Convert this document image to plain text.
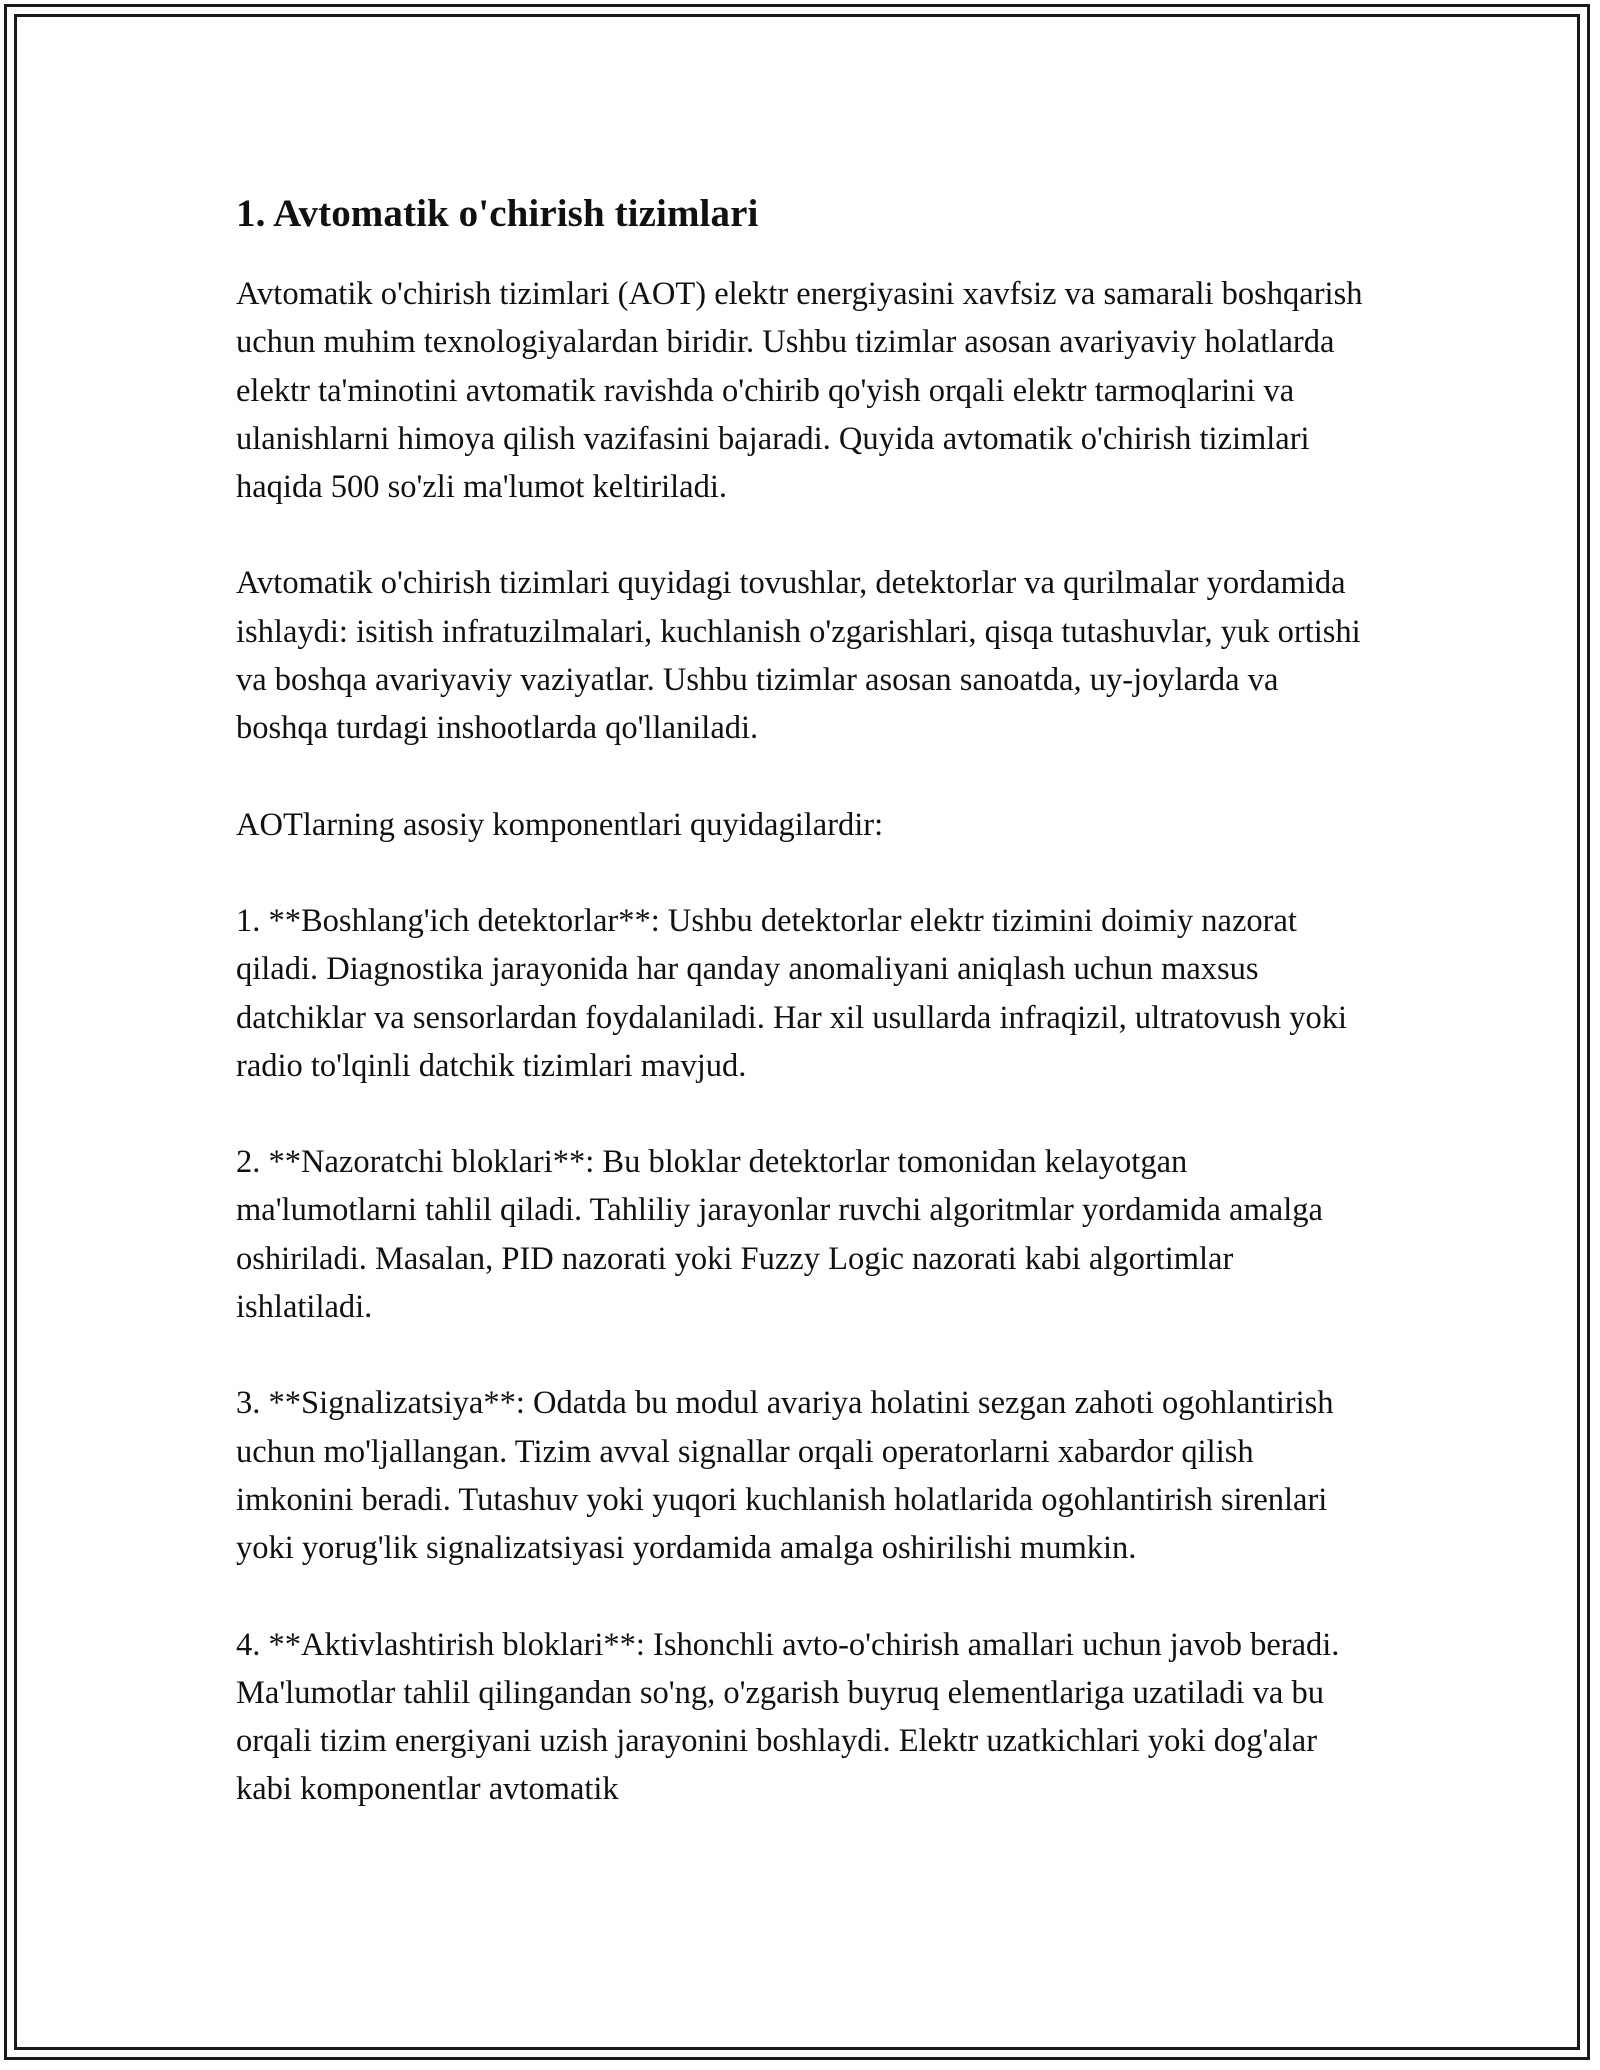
1. Avtomatik o'chirish tizimlari

Avtomatik o'chirish tizimlari (AOT) elektr energiyasini xavfsiz va samarali boshqarish uchun muhim texnologiyalardan biridir. Ushbu tizimlar asosan avariyaviy holatlarda elektr ta'minotini avtomatik ravishda o'chirib qo'yish orqali elektr tarmoqlarini va ulanishlarni himoya qilish vazifasini bajaradi. Quyida avtomatik o'chirish tizimlari haqida 500 so'zli ma'lumot keltiriladi.

Avtomatik o'chirish tizimlari quyidagi tovushlar, detektorlar va qurilmalar yordamida ishlaydi: isitish infratuzilmalari, kuchlanish o'zgarishlari, qisqa tutashuvlar, yuk ortishi va boshqa avariyaviy vaziyatlar. Ushbu tizimlar asosan sanoatda, uy-joylarda va boshqa turdagi inshootlarda qo'llaniladi.

AOTlarning asosiy komponentlari quyidagilardir:

1. **Boshlang'ich detektorlar**: Ushbu detektorlar elektr tizimini doimiy nazorat qiladi. Diagnostika jarayonida har qanday anomaliyani aniqlash uchun maxsus datchiklar va sensorlardan foydalaniladi. Har xil usullarda infraqizil, ultratovush yoki radio to'lqinli datchik tizimlari mavjud.

2. **Nazoratchi bloklari**: Bu bloklar detektorlar tomonidan kelayotgan ma'lumotlarni tahlil qiladi. Tahliliy jarayonlar ruvchi algoritmlar yordamida amalga oshiriladi. Masalan, PID nazorati yoki Fuzzy Logic nazorati kabi algortimlar ishlatiladi.

3. **Signalizatsiya**: Odatda bu modul avariya holatini sezgan zahoti ogohlantirish uchun mo'ljallangan. Tizim avval signallar orqali operatorlarni xabardor qilish imkonini beradi. Tutashuv yoki yuqori kuchlanish holatlarida ogohlantirish sirenlari yoki yorug'lik signalizatsiyasi yordamida amalga oshirilishi mumkin.

4. **Aktivlashtirish bloklari**: Ishonchli avto-o'chirish amallari uchun javob beradi. Ma'lumotlar tahlil qilingandan so'ng, o'zgarish buyruq elementlariga uzatiladi va bu orqali tizim energiyani uzish jarayonini boshlaydi. Elektr uzatkichlari yoki dog'alar kabi komponentlar avtomatik
